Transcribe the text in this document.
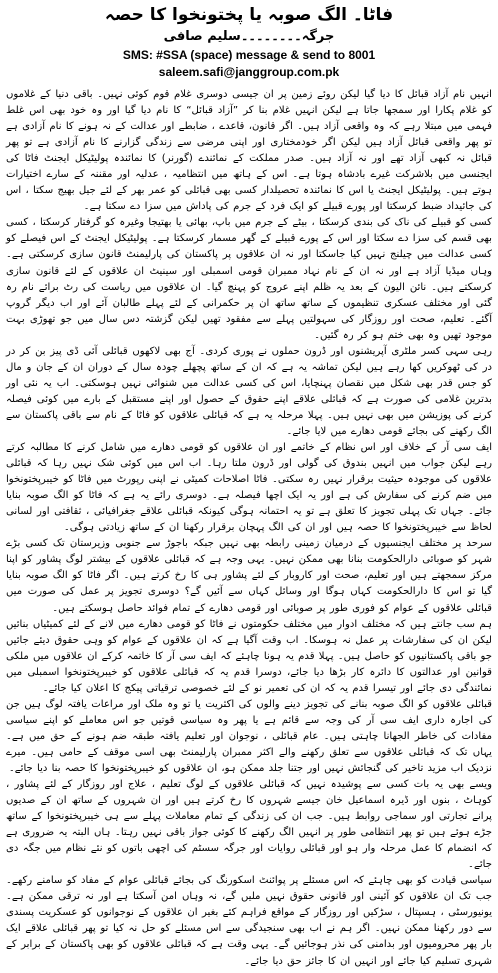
فاٹا۔ الگ صوبہ یا پختونخوا کا حصہ
جرگہ۔۔۔۔۔۔۔۔سلیم صافی
SMS: #SSA (space) message & send to 8001
saleem.safi@janggroup.com.pk

انہیں نام آزاد قبائل کا دیا گیا لیکن روئے زمین پر ان جیسی دوسری غلام قوم کوئی نہیں۔ باقی دنیا کے غلاموں کو غلام پکارا اور سمجھا جاتا ہے لیکن انہیں غلام بنا کر ”آزاد قبائل“ کا نام دیا گیا اور وہ خود بھی اس غلط فہمی میں مبتلا رہے کہ وہ واقعی آزاد ہیں۔ اگر قانون، قاعدے ، ضابطے اور عدالت کے نہ ہونے کا نام آزادی ہے تو پھر واقعی قبائل آزاد ہیں لیکن اگر خودمختاری اور اپنی مرضی سے زندگی گزارنے کا نام آزادی ہے تو پھر قبائل نہ کبھی آزاد تھے اور نہ آزاد ہیں۔ صدر مملکت کے نمائندے (گورنر) کا نمائندہ پولیٹیکل ایجنٹ فاٹا کی ایجنسی میں بلاشرکت غیرے بادشاہ ہوتا ہے۔ اس کے ہاتھ میں انتظامیہ ، عدلیہ اور مقننہ کے سارے اختیارات ہوتے ہیں۔ پولیٹیکل ایجنٹ یا اس کا نمائندہ تحصیلدار کسی بھی قبائلی کو عمر بھر کے لئے جیل بھیج سکتا ، اس کی جائیداد ضبط کرسکتا اور پورے قبیلے کو ایک فرد کے جرم کی پاداش میں سزا دے سکتا ہے۔

کسی کو قبیلے کی ناک کی بندی کرسکتا ، بیٹے کے جرم میں باپ، بھائی یا بھتیجا وغیرہ کو گرفتار کرسکتا ، کسی بھی قسم کی سزا دے سکتا اور اس کے پورے قبیلے کے گھر مسمار کرسکتا ہے۔ پولیٹیکل ایجنٹ کے اس فیصلے کو کسی عدالت میں چیلنج نہیں کیا جاسکتا اور نہ ان علاقوں پر پاکستان کی پارلیمنٹ قانون سازی کرسکتی ہے۔ وہاں میڈیا آزاد ہے اور نہ ان کے نام نہاد ممبران قومی اسمبلی اور سینیٹ ان علاقوں کے لئے قانون سازی کرسکتے ہیں۔ نائن الیون کے بعد یہ ظلم اپنے عروج کو پہنچ گیا۔ ان علاقوں میں ریاست کی رٹ برائے نام رہ گئی اور مختلف عسکری تنظیموں کے ساتھ ساتھ ان پر حکمرانی کے لئے پہلے طالبان آئے اور اب دیگر گروپ آگئے۔ تعلیم، صحت اور روزگار کی سہولتیں پہلے سے مفقود تھیں لیکن گزشتہ دس سال میں جو تھوڑی بہت موجود تھیں وہ بھی ختم ہو کر رہ گئیں۔

رہی سہی کسر ملٹری آپریشنوں اور ڈرون حملوں نے پوری کردی۔ آج بھی لاکھوں قبائلی آئی ڈی پیز بن کر در در کی ٹھوکریں کھا رہے ہیں لیکن تماشہ یہ ہے کہ ان کے ساتھ پچھلے چودہ سال کے دوران ان کے جان و مال کو جس قدر بھی شکل میں نقصان پہنچایا، اس کی کسی عدالت میں شنوائی نہیں ہوسکتی۔ اب یہ نئی اور بدترین غلامی کی صورت ہے کہ قبائلی علاقے اپنے حقوق کے حصول اور اپنے مستقبل کے بارے میں کوئی فیصلہ کرنے کی پوزیشن میں بھی نہیں ہیں۔ پہلا مرحلہ یہ ہے کہ قبائلی علاقوں کو فاٹا کے نام سے باقی پاکستان سے الگ رکھنے کی بجائے قومی دھارے میں لایا جائے۔

ایف سی آر کے خلاف اور اس نظام کے خاتمے اور ان علاقوں کو قومی دھارے میں شامل کرنے کا مطالبہ کرتے رہے لیکن جواب میں انہیں بندوق کی گولی اور ڈرون ملتا رہا۔ اب اس میں کوئی شک نہیں رہا کہ قبائلی علاقوں کی موجودہ حیثیت برقرار نہیں رہ سکتی۔ فاٹا اصلاحات کمیٹی نے اپنی رپورٹ میں فاٹا کو خیبرپختونخوا میں ضم کرنے کی سفارش کی ہے اور یہ ایک اچھا فیصلہ ہے۔ دوسری رائے یہ ہے کہ فاٹا کو الگ صوبہ بنایا جائے۔ جہاں تک پہلی تجویز کا تعلق ہے تو یہ احتمانہ ہوگی کیونکہ قبائلی علاقے جغرافیائی ، ثقافتی اور لسانی لحاظ سے خیبرپختونخوا کا حصہ ہیں اور ان کی الگ پہچان برقرار رکھنا ان کے ساتھ زیادتی ہوگی۔

سرحد پر مختلف ایجنسیوں کے درمیان زمینی رابطہ بھی نہیں جبکہ باجوڑ سے جنوبی وزیرستان تک کسی بڑے شہر کو صوبائی دارالحکومت بنانا بھی ممکن نہیں۔ یہی وجہ ہے کہ قبائلی علاقوں کے بیشتر لوگ پشاور کو اپنا مرکز سمجھتے ہیں اور تعلیم، صحت اور کاروبار کے لئے پشاور ہی کا رخ کرتے ہیں۔ اگر فاٹا کو الگ صوبہ بنایا گیا تو اس کا دارالحکومت کہاں ہوگا اور وسائل کہاں سے آئیں گے؟ دوسری تجویز پر عمل کی صورت میں قبائلی علاقوں کے عوام کو فوری طور پر صوبائی اور قومی دھارے کے تمام فوائد حاصل ہوسکتے ہیں۔

ہم سب جانتے ہیں کہ مختلف ادوار میں مختلف حکومتوں نے فاٹا کو قومی دھارے میں لانے کے لئے کمیٹیاں بنائیں لیکن ان کی سفارشات پر عمل نہ ہوسکا۔ اب وقت آگیا ہے کہ ان علاقوں کے عوام کو وہی حقوق دیئے جائیں جو باقی پاکستانیوں کو حاصل ہیں۔ پہلا قدم یہ ہونا چاہئے کہ ایف سی آر کا خاتمہ کرکے ان علاقوں میں ملکی قوانین اور عدالتوں کا دائرہ کار بڑھا دیا جائے، دوسرا قدم یہ کہ قبائلی علاقوں کو خیبرپختونخوا اسمبلی میں نمائندگی دی جائے اور تیسرا قدم یہ کہ ان کی تعمیر نو کے لئے خصوصی ترقیاتی پیکج کا اعلان کیا جائے۔

قبائلی علاقوں کو الگ صوبہ بنانے کی تجویز دینے والوں کی اکثریت یا تو وہ ملک اور مراعات یافتہ لوگ ہیں جن کی اجارہ داری ایف سی آر کی وجہ سے قائم ہے یا پھر وہ سیاسی قوتیں جو اس معاملے کو اپنے سیاسی مفادات کی خاطر الجھانا چاہتی ہیں۔ عام قبائلی ، نوجوان اور تعلیم یافتہ طبقہ ضم ہونے کے حق میں ہے۔ یہاں تک کہ قبائلی علاقوں سے تعلق رکھنے والے اکثر ممبران پارلیمنٹ بھی اسی موقف کے حامی ہیں۔ میرے نزدیک اب مزید تاخیر کی گنجائش نہیں اور جتنا جلد ممکن ہو، ان علاقوں کو خیبرپختونخوا کا حصہ بنا دیا جائے۔

ویسے بھی یہ بات کسی سے پوشیدہ نہیں کہ قبائلی علاقوں کے لوگ تعلیم ، علاج اور روزگار کے لئے پشاور ، کوہاٹ ، بنوں اور ڈیرہ اسماعیل خان جیسے شہروں کا رخ کرتے ہیں اور ان شہروں کے ساتھ ان کے صدیوں پرانے تجارتی اور سماجی روابط ہیں۔ جب ان کی زندگی کے تمام معاملات پہلے سے ہی خیبرپختونخوا کے ساتھ جڑے ہوئے ہیں تو پھر انتظامی طور پر انہیں الگ رکھنے کا کوئی جواز باقی نہیں رہتا۔ ہاں البتہ یہ ضروری ہے کہ انضمام کا عمل مرحلہ وار ہو اور قبائلی روایات اور جرگہ سسٹم کی اچھی باتوں کو نئے نظام میں جگہ دی جائے۔

سیاسی قیادت کو بھی چاہئے کہ اس مسئلے پر پوائنٹ اسکورنگ کی بجائے قبائلی عوام کے مفاد کو سامنے رکھے۔ جب تک ان علاقوں کو آئینی اور قانونی حقوق نہیں ملیں گے، نہ وہاں امن آسکتا ہے اور نہ ترقی ممکن ہے۔ یونیورسٹی ، ہسپتال ، سڑکیں اور روزگار کے مواقع فراہم کئے بغیر ان علاقوں کے نوجوانوں کو عسکریت پسندی سے دور رکھنا ممکن نہیں۔ اگر ہم نے اب بھی سنجیدگی سے اس مسئلے کو حل نہ کیا تو پھر قبائلی علاقے ایک بار پھر محرومیوں اور بدامنی کی نذر ہوجائیں گے۔ یہی وقت ہے کہ قبائلی علاقوں کو بھی پاکستان کے برابر کے شہری تسلیم کیا جائے اور انہیں ان کا جائز حق دیا جائے۔
